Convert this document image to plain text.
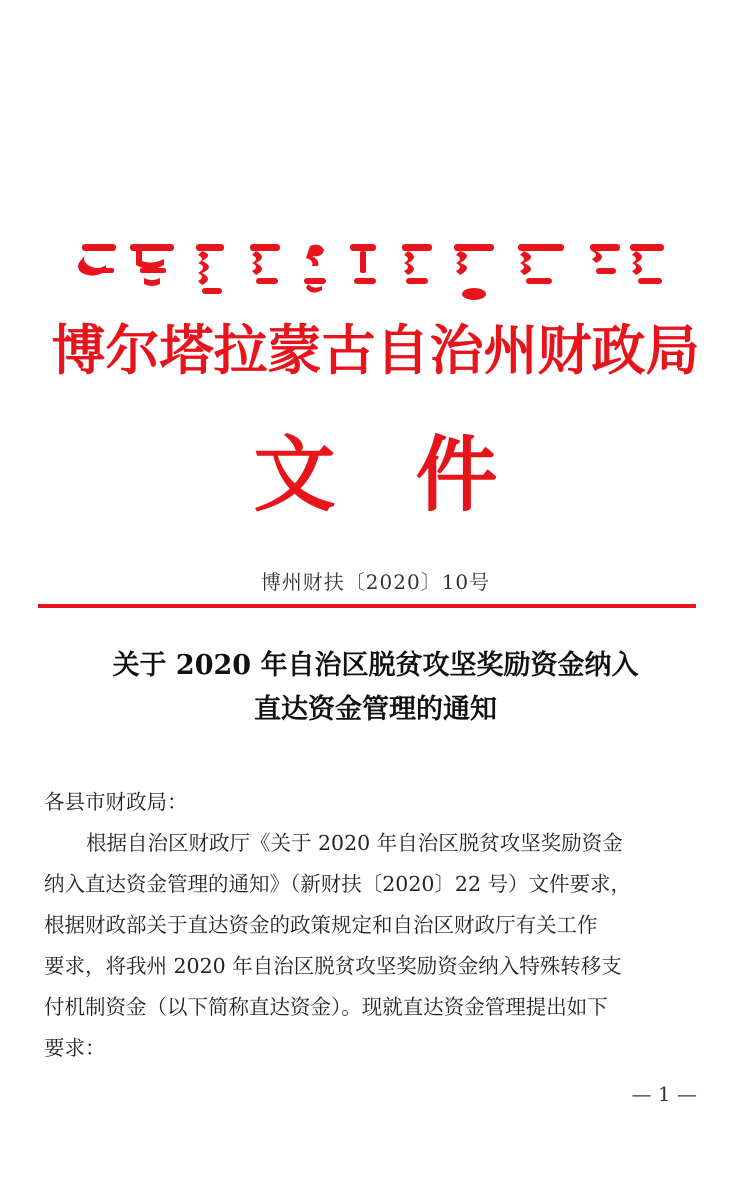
博尔塔拉蒙古自治州财政局
文件
博州财扶〔2020〕10号
关于 2020 年自治区脱贫攻坚奖励资金纳入
直达资金管理的通知
各县市财政局：
根据自治区财政厅《关于 2020 年自治区脱贫攻坚奖励资金
纳入直达资金管理的通知》（新财扶〔2020〕22 号）文件要求，
根据财政部关于直达资金的政策规定和自治区财政厅有关工作
要求，将我州 2020 年自治区脱贫攻坚奖励资金纳入特殊转移支
付机制资金（以下简称直达资金）。现就直达资金管理提出如下
要求：
— 1 —
